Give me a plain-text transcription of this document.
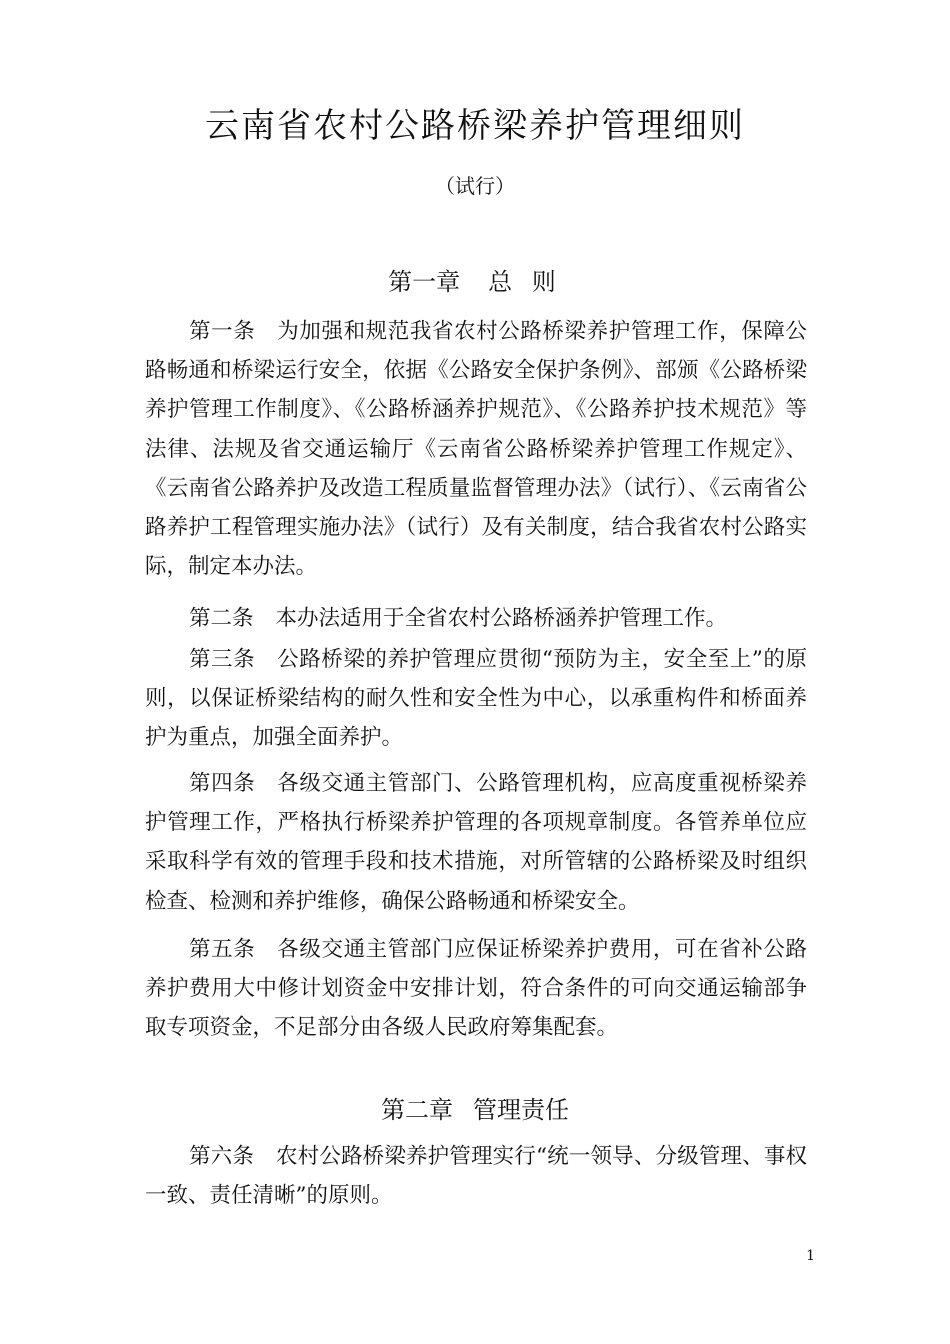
云南省农村公路桥梁养护管理细则
（试行）
第一章 总 则

第一条 为加强和规范我省农村公路桥梁养护管理工作，保障公路畅通和桥梁运行安全，依据《公路安全保护条例》、部颁《公路桥梁养护管理工作制度》、《公路桥涵养护规范》、《公路养护技术规范》等法律、法规及省交通运输厅《云南省公路桥梁养护管理工作规定》、《云南省公路养护及改造工程质量监督管理办法》（试行）、《云南省公路养护工程管理实施办法》（试行）及有关制度，结合我省农村公路实际，制定本办法。

第二条 本办法适用于全省农村公路桥涵养护管理工作。

第三条 公路桥梁的养护管理应贯彻“预防为主，安全至上”的原则，以保证桥梁结构的耐久性和安全性为中心，以承重构件和桥面养护为重点，加强全面养护。

第四条 各级交通主管部门、公路管理机构，应高度重视桥梁养护管理工作，严格执行桥梁养护管理的各项规章制度。各管养单位应采取科学有效的管理手段和技术措施，对所管辖的公路桥梁及时组织检查、检测和养护维修，确保公路畅通和桥梁安全。

第五条 各级交通主管部门应保证桥梁养护费用，可在省补公路养护费用大中修计划资金中安排计划，符合条件的可向交通运输部争取专项资金，不足部分由各级人民政府筹集配套。

第二章 管理责任

第六条 农村公路桥梁养护管理实行“统一领导、分级管理、事权一致、责任清晰”的原则。

1
